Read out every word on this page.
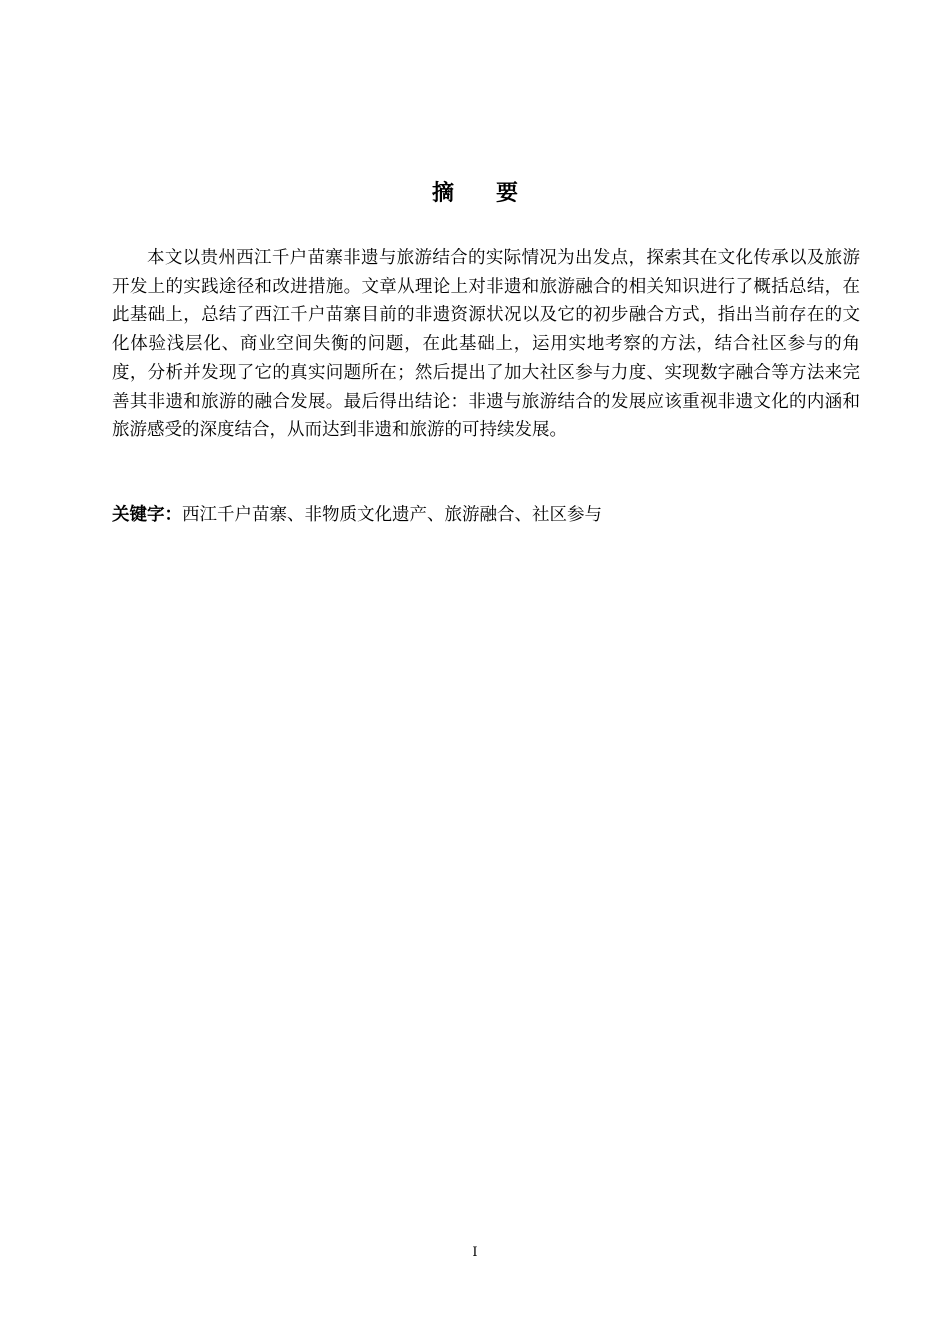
摘要

本文以贵州西江千户苗寨非遗与旅游结合的实际情况为出发点，探索其在文化传承以及旅游开发上的实践途径和改进措施。文章从理论上对非遗和旅游融合的相关知识进行了概括总结，在此基础上，总结了西江千户苗寨目前的非遗资源状况以及它的初步融合方式，指出当前存在的文化体验浅层化、商业空间失衡的问题，在此基础上，运用实地考察的方法，结合社区参与的角度，分析并发现了它的真实问题所在；然后提出了加大社区参与力度、实现数字融合等方法来完善其非遗和旅游的融合发展。最后得出结论：非遗与旅游结合的发展应该重视非遗文化的内涵和旅游感受的深度结合，从而达到非遗和旅游的可持续发展。

关键字：西江千户苗寨、非物质文化遗产、旅游融合、社区参与

I
